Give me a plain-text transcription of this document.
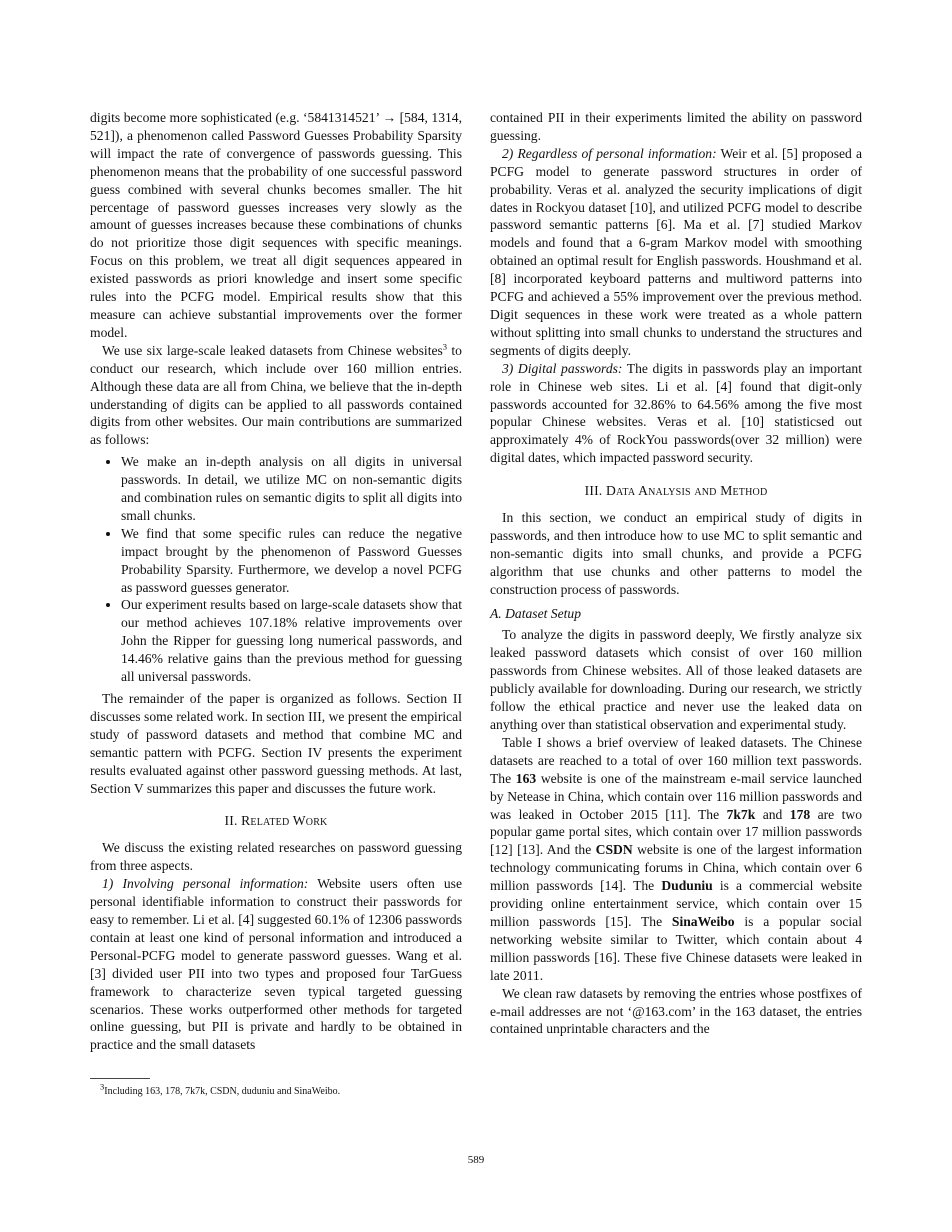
digits become more sophisticated (e.g. ‘5841314521’ → [584, 1314, 521]), a phenomenon called Password Guesses Probability Sparsity will impact the rate of convergence of passwords guessing. This phenomenon means that the probability of one successful password guess combined with several chunks becomes smaller. The hit percentage of password guesses increases very slowly as the amount of guesses increases because these combinations of chunks do not prioritize those digit sequences with specific meanings. Focus on this problem, we treat all digit sequences appeared in existed passwords as priori knowledge and insert some specific rules into the PCFG model. Empirical results show that this measure can achieve substantial improvements over the former model.

We use six large-scale leaked datasets from Chinese websites$^3$ to conduct our research, which include over 160 million entries. Although these data are all from China, we believe that the in-depth understanding of digits can be applied to all passwords contained digits from other websites. Our main contributions are summarized as follows:

• We make an in-depth analysis on all digits in universal passwords. In detail, we utilize MC on non-semantic digits and combination rules on semantic digits to split all digits into small chunks.
• We find that some specific rules can reduce the negative impact brought by the phenomenon of Password Guesses Probability Sparsity. Furthermore, we develop a novel PCFG as password guesses generator.
• Our experiment results based on large-scale datasets show that our method achieves 107.18% relative improvements over John the Ripper for guessing long numerical passwords, and 14.46% relative gains than the previous method for guessing all universal passwords.

The remainder of the paper is organized as follows. Section II discusses some related work. In section III, we present the empirical study of password datasets and method that combine MC and semantic pattern with PCFG. Section IV presents the experiment results evaluated against other password guessing methods. At last, Section V summarizes this paper and discusses the future work.

II. Related Work

We discuss the existing related researches on password guessing from three aspects.

1) Involving personal information: Website users often use personal identifiable information to construct their passwords for easy to remember. Li et al. [4] suggested 60.1% of 12306 passwords contain at least one kind of personal information and introduced a Personal-PCFG model to generate password guesses. Wang et al. [3] divided user PII into two types and proposed four TarGuess framework to characterize seven typical targeted guessing scenarios. These works outperformed other methods for targeted online guessing, but PII is private and hardly to be obtained in practice and the small datasets

contained PII in their experiments limited the ability on password guessing.

2) Regardless of personal information: Weir et al. [5] proposed a PCFG model to generate password structures in order of probability. Veras et al. analyzed the security implications of digit dates in Rockyou dataset [10], and utilized PCFG model to describe password semantic patterns [6]. Ma et al. [7] studied Markov models and found that a 6-gram Markov model with smoothing obtained an optimal result for English passwords. Houshmand et al. [8] incorporated keyboard patterns and multiword patterns into PCFG and achieved a 55% improvement over the previous method. Digit sequences in these work were treated as a whole pattern without splitting into small chunks to understand the structures and segments of digits deeply.

3) Digital passwords: The digits in passwords play an important role in Chinese web sites. Li et al. [4] found that digit-only passwords accounted for 32.86% to 64.56% among the five most popular Chinese websites. Veras et al. [10] statisticsed out approximately 4% of RockYou passwords(over 32 million) were digital dates, which impacted password security.

III. Data Analysis and Method

In this section, we conduct an empirical study of digits in passwords, and then introduce how to use MC to split semantic and non-semantic digits into small chunks, and provide a PCFG algorithm that use chunks and other patterns to model the construction process of passwords.

A. Dataset Setup

To analyze the digits in password deeply, We firstly analyze six leaked password datasets which consist of over 160 million passwords from Chinese websites. All of those leaked datasets are publicly available for downloading. During our research, we strictly follow the ethical practice and never use the leaked data on anything over than statistical observation and experimental study.

Table I shows a brief overview of leaked datasets. The Chinese datasets are reached to a total of over 160 million text passwords. The 163 website is one of the mainstream e-mail service launched by Netease in China, which contain over 116 million passwords and was leaked in October 2015 [11]. The 7k7k and 178 are two popular game portal sites, which contain over 17 million passwords [12] [13]. And the CSDN website is one of the largest information technology communicating forums in China, which contain over 6 million passwords [14]. The Duduniu is a commercial website providing online entertainment service, which contain over 15 million passwords [15]. The SinaWeibo is a popular social networking website similar to Twitter, which contain about 4 million passwords [16]. These five Chinese datasets were leaked in late 2011.

We clean raw datasets by removing the entries whose postfixes of e-mail addresses are not ‘@163.com’ in the 163 dataset, the entries contained unprintable characters and the

$^3$Including 163, 178, 7k7k, CSDN, duduniu and SinaWeibo.
589
